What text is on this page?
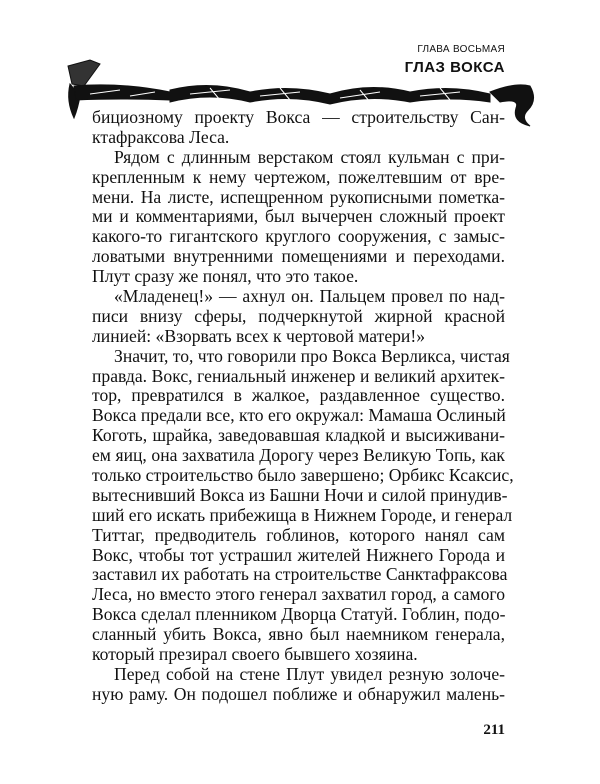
ГЛАВА ВОСЬМАЯ
ГЛАЗ ВОКСА
бициозному проекту Вокса — строительству Сан-
ктафраксова Леса.
Рядом с длинным верстаком стоял кульман с при-
крепленным к нему чертежом, пожелтевшим от вре-
мени. На листе, испещренном рукописными пометка-
ми и комментариями, был вычерчен сложный проект
какого-то гигантского круглого сооружения, с замыс-
ловатыми внутренними помещениями и переходами.
Плут сразу же понял, что это такое.
«Младенец!» — ахнул он. Пальцем провел по над-
писи внизу сферы, подчеркнутой жирной красной
линией: «Взорвать всех к чертовой матери!»
Значит, то, что говорили про Вокса Верликса, чистая
правда. Вокс, гениальный инженер и великий архитек-
тор, превратился в жалкое, раздавленное существо.
Вокса предали все, кто его окружал: Мамаша Ослиный
Коготь, шрайка, заведовавшая кладкой и высиживани-
ем яиц, она захватила Дорогу через Великую Топь, как
только строительство было завершено; Орбикс Ксаксис,
вытеснивший Вокса из Башни Ночи и силой принудив-
ший его искать прибежища в Нижнем Городе, и генерал
Титтаг, предводитель гоблинов, которого нанял сам
Вокс, чтобы тот устрашил жителей Нижнего Города и
заставил их работать на строительстве Санктафраксова
Леса, но вместо этого генерал захватил город, а самого
Вокса сделал пленником Дворца Статуй. Гоблин, подо-
сланный убить Вокса, явно был наемником генерала,
который презирал своего бывшего хозяина.
Перед собой на стене Плут увидел резную золоче-
ную раму. Он подошел поближе и обнаружил малень-
211
